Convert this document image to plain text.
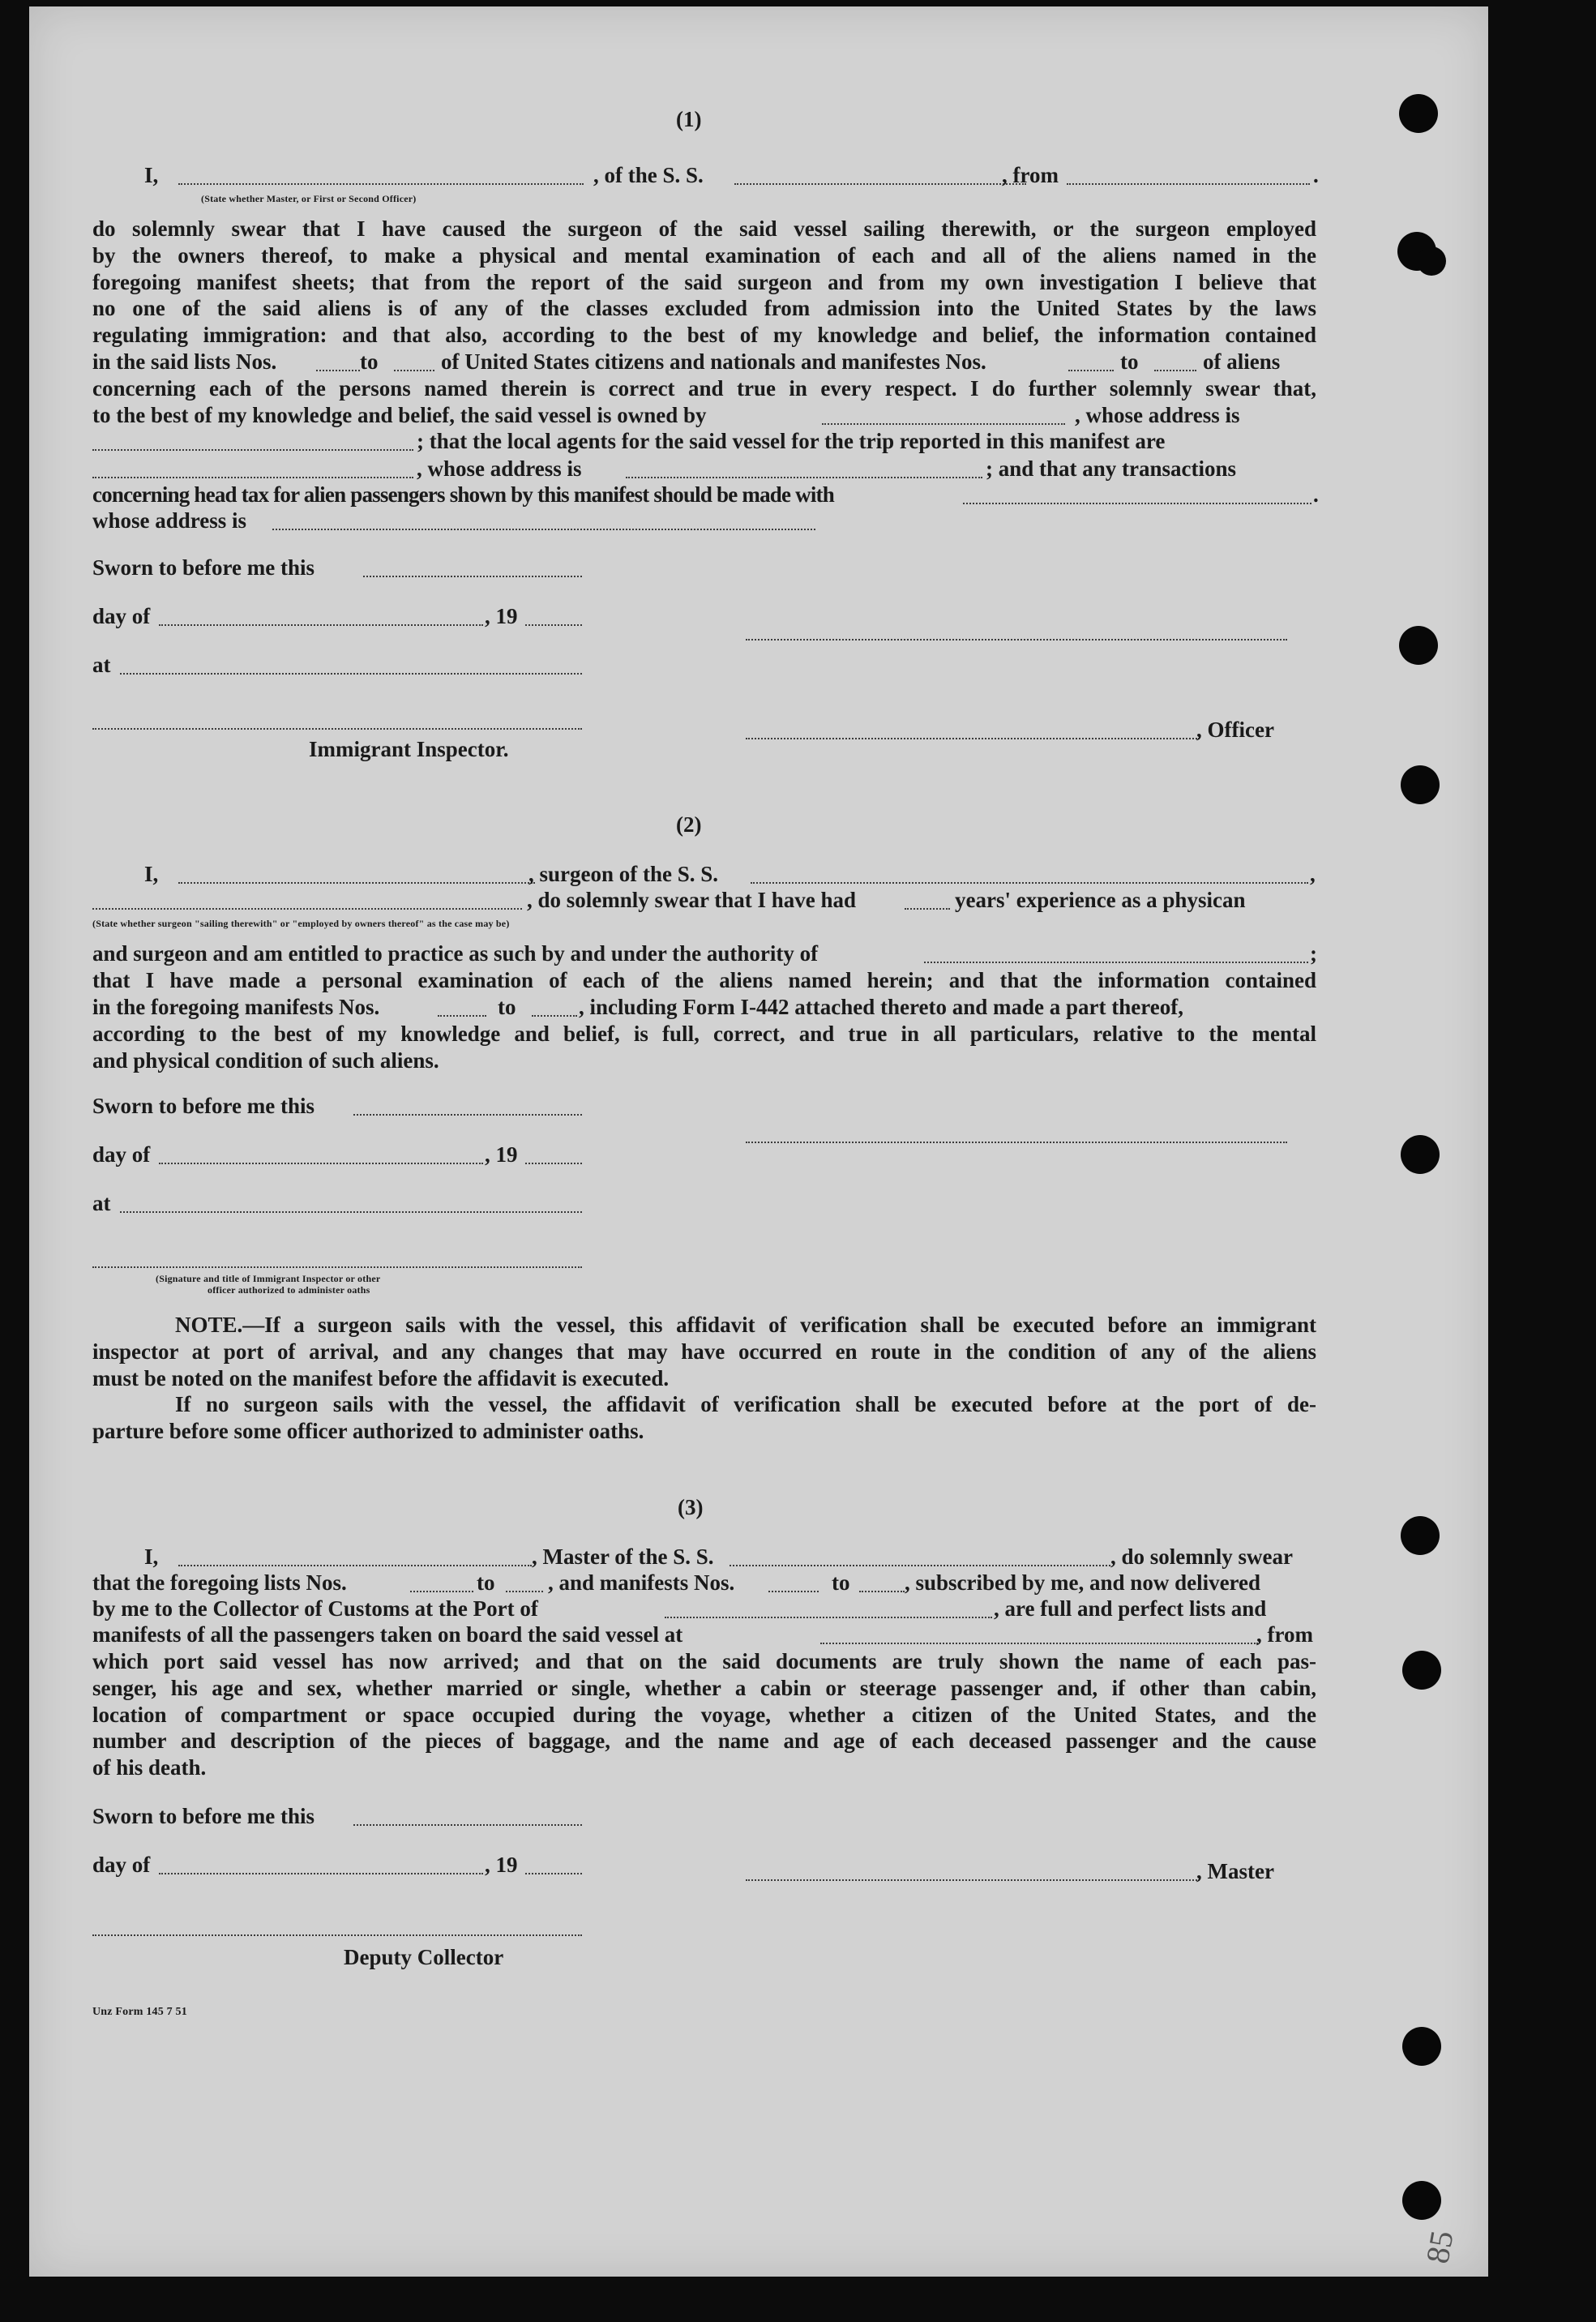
(1)
I,	, of the S. S.	, from	.
(State whether Master, or First or Second Officer)
do solemnly swear that I have caused the surgeon of the said vessel sailing therewith, or the surgeon employed
by the owners thereof, to make a physical and mental examination of each and all of the aliens named in the
foregoing manifest sheets; that from the report of the said surgeon and from my own investigation I believe that
no one of the said aliens is of any of the classes excluded from admission into the United States by the laws
regulating immigration: and that also, according to the best of my knowledge and belief, the information contained
in the said lists Nos.	to	of United States citizens and nationals and manifestes Nos.	to	of aliens
concerning each of the persons named therein is correct and true in every respect. I do further solemnly swear that,
to the best of my knowledge and belief, the said vessel is owned by	, whose address is
; that the local agents for the said vessel for the trip reported in this manifest are
, whose address is	; and that any transactions
concerning head tax for alien passengers shown by this manifest should be made with	.
whose address is
Sworn to before me this
day of	, 19
at
, Officer
Immigrant Inspector.
(2)
I,	, surgeon of the S. S.	,
, do solemnly swear that I have had	years' experience as a physican
(State whether surgeon "sailing therewith" or "employed by owners thereof" as the case may be)
and surgeon and am entitled to practice as such by and under the authority of	;
that I have made a personal examination of each of the aliens named herein; and that the information contained
in the foregoing manifests Nos.	to	, including Form I-442 attached thereto and made a part thereof,
according to the best of my knowledge and belief, is full, correct, and true in all particulars, relative to the mental
and physical condition of such aliens.
Sworn to before me this
day of	, 19
at
(Signature and title of Immigrant Inspector or other
officer authorized to administer oaths
NOTE.—If a surgeon sails with the vessel, this affidavit of verification shall be executed before an immigrant
inspector at port of arrival, and any changes that may have occurred en route in the condition of any of the aliens
must be noted on the manifest before the affidavit is executed.
If no surgeon sails with the vessel, the affidavit of verification shall be executed before at the port of de-
parture before some officer authorized to administer oaths.
(3)
I,	, Master of the S. S.	, do solemnly swear
that the foregoing lists Nos.	to , and manifests Nos.	to	, subscribed by me, and now delivered
by me to the Collector of Customs at the Port of	, are full and perfect lists and
manifests of all the passengers taken on board the said vessel at	, from
which port said vessel has now arrived; and that on the said documents are truly shown the name of each pas-
senger, his age and sex, whether married or single, whether a cabin or steerage passenger and, if other than cabin,
location of compartment or space occupied during the voyage, whether a citizen of the United States, and the
number and description of the pieces of baggage, and the name and age of each deceased passenger and the cause
of his death.
Sworn to before me this
day of	, 19	, Master
Deputy Collector
Unz Form 145 7 51
85
